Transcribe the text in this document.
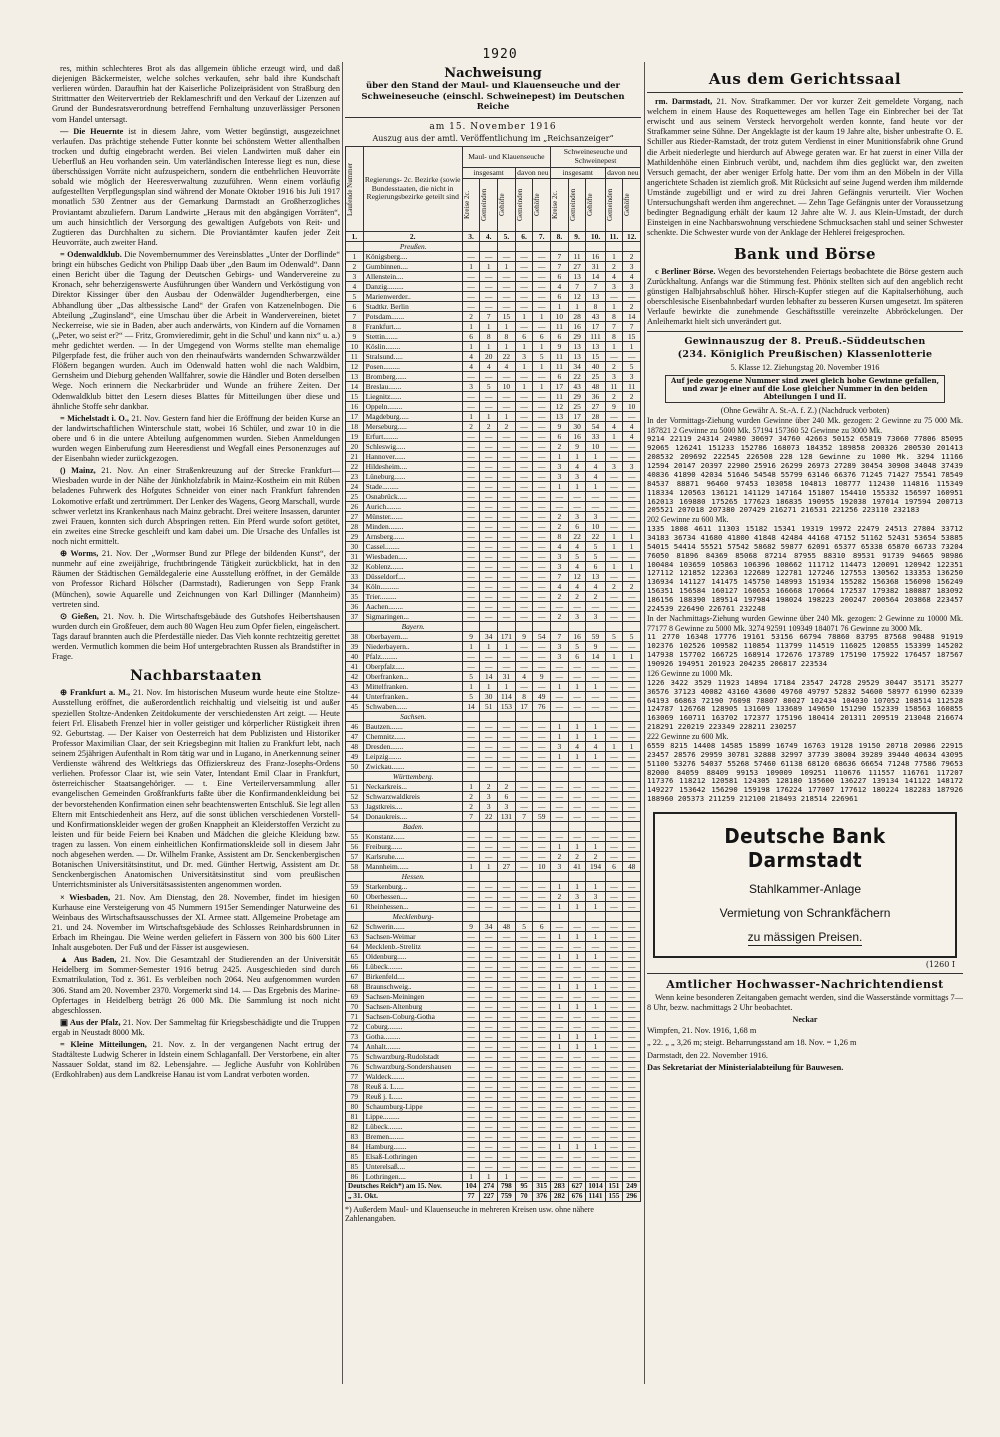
1920

res, mithin schlechteres Brot als das allgemein übliche erzeugt wird, und daß diejenigen Bäckermeister, welche solches verkaufen, sehr bald ihre Kundschaft verlieren würden. Daraufhin hat der Kaiserliche Polizeipräsident von Straßburg den Strittmatter den Weitervertrieb der Reklameschrift und den Verkauf der Lizenzen auf Grund der Bundesratsverordnung betreffend Fernhaltung unzuverlässiger Personen vom Handel untersagt.

— Die Heuernte ist in diesem Jahre, vom Wetter begünstigt, ausgezeichnet verlaufen. Das prächtige stehende Futter konnte bei schönstem Wetter allenthalben trocken und duftig eingebracht werden. Bei vielen Landwirten muß daher ein Ueberfluß an Heu vorhanden sein. Um vaterländischen Interesse liegt es nun, diese überschüssigen Vorräte nicht aufzuspeichern, sondern die entbehrlichen Heuvorräte sobald wie möglich der Heeresverwaltung zuzuführen. Wenn einem vorläufig aufgestellten Verpflegungsplan sind während der Monate Oktober 1916 bis Juli 1917 monatlich 530 Zentner aus der Gemarkung Darmstadt an Großherzogliches Proviantamt abzuliefern. Darum Landwirte „Heraus mit den abgängigen Vorräten“, um auch hinsichtlich der Versorgung des gewaltigen Aufgebots von Reit- und Zugtieren das Durchhalten zu sichern. Die Proviantämter kaufen jeder Zeit Heuvorräte, auch zweiter Hand.

= Odenwaldklub. Die Novembernummer des Vereinsblattes „Unter der Dorflinde“ bringt ein hübsches Gedicht von Philipp Daab über „den Baum im Odenwald“. Dann einen Bericht über die Tagung der Deutschen Gebirgs- und Wandervereine zu Kronach, sehr beherzigenswerte Ausführungen über Wandern und Verköstigung von Direktor Kissinger über den Ausbau der Odenwälder Jugendherbergen, eine Abhandlung über „Das altbessische Land“ der Grafen von Katzenelnbogen. Die Abteilung „Zuginsland“, eine Umschau über die Arbeit in Wandervereinen, bietet Neckerreise, wie sie in Baden, aber auch anderwärts, von Kindern auf die Vornamen („Peter, wo seist er?“ — Fritz, Gromvieredimir, geht in die Schul' und kann nix“ u. a.) mehr gedichtet werden. — In der Umgegend von Worms stellte man ehemalige Pilgerpfade fest, die früher auch von den rheinaufwärts wandernden Schwarzwälder Flößern begangen wurden. Auch im Odenwald hatten wohl die nach Waldbirn, Gernsheim und Dieburg gehenden Wallfahrer, sowie die Händler und Boten derselben Wege. Noch erinnern die Neckarbrüder und Wunde an frühere Zeiten. Der Odenwaldklub bittet den Lesern dieses Blattes für Mitteilungen über diese und ähnliche Stoffe sehr dankbar.

= Michelstadt i. O., 21. Nov. Gestern fand hier die Eröffnung der beiden Kurse an der landwirtschaftlichen Winterschule statt, wobei 16 Schüler, und zwar 10 in die obere und 6 in die untere Abteilung aufgenommen wurden. Sieben Anmeldungen wurden wegen Einberufung zum Heeresdienst und Wegfall eines Personenzuges auf der Eisenbahn wieder zurückgezogen.

() Mainz, 21. Nov. An einer Straßenkreuzung auf der Strecke Frankfurt—Wiesbaden wurde in der Nähe der Jünkholzfabrik in Mainz-Kostheim ein mit Rüben beladenes Fuhrwerk des Hofgutes Schneider von einer nach Frankfurt fahrenden Lokomotive erfaßt und zertrümmert. Der Lenker des Wagens, Georg Marschall, wurde schwer verletzt ins Krankenhaus nach Mainz gebracht. Drei weitere Insassen, darunter zwei Frauen, konnten sich durch Abspringen retten. Ein Pferd wurde sofort getötet, ein zweites eine Strecke geschleift und kam dabei um. Die Ursache des Unfalles ist noch nicht ermittelt.

⊕ Worms, 21. Nov. Der „Wormser Bund zur Pflege der bildenden Kunst“, der nunmehr auf eine zweijährige, fruchtbringende Tätigkeit zurückblickt, hat in den Räumen der Städtischen Gemäldegalerie eine Ausstellung eröffnet, in der Gemälde von Professor Richard Hölscher (Darmstadt), Radierungen von Sepp Frank (München), sowie Aquarelle und Zeichnungen von Karl Dillinger (Mannheim) vertreten sind.

⊙ Gießen, 21. Nov. h. Die Wirtschaftsgebäude des Gutshofes Heibertshausen wurden durch ein Großfeuer, dem auch 80 Wagen Heu zum Opfer fielen, eingeäschert. Tags darauf brannten auch die Pferdeställe nieder. Das Vieh konnte rechtzeitig gerettet werden. Vermutlich kommen die beim Hof untergebrachten Russen als Brandstifter in Frage.

Nachbarstaaten

⊕ Frankfurt a. M., 21. Nov. Im historischen Museum wurde heute eine Stoltze-Ausstellung eröffnet, die außerordentlich reichhaltig und vielseitig ist und außer speziellen Stoltze-Andenken Zeitdokumente der verschiedensten Art zeigt. — Heute feiert Frl. Elisabeth Frenzel hier in voller geistiger und körperlicher Rüstigkeit ihren 92. Geburtstag. — Der Kaiser von Oesterreich hat dem Publizisten und Historiker Professor Maximilian Claar, der seit Kriegsbeginn mit Italien zu Frankfurt lebt, nach seinem 25jährigen Aufenthalt in Rom tätig war und in Lugano, in Anerkennung seiner Verdienste während des Weltkriegs das Offizierskreuz des Franz-Josephs-Ordens verliehen. Professor Claar ist, wie sein Vater, Intendant Emil Claar in Frankfurt, österreichischer Staatsangehöriger. — t. Eine Verteilerversammlung aller evangelischen Gemeinden Großfrankfurts faßte über die Konfirmandenkleidung bei der bevorstehenden Konfirmation einen sehr beachtenswerten Entschluß. Sie legt allen Eltern mit Entschiedenheit ans Herz, auf die sonst üblichen verschiedenen Vorstell- und Konfirmationskleider wegen der großen Knappheit an Kleiderstoffen Verzicht zu leisten und für beide Feiern bei Knaben und Mädchen die gleiche Kleidung bzw. tragen zu lassen. Von einem einheitlichen Konfirmationskleide soll in diesem Jahr noch abgesehen werden. — Dr. Wilhelm Franke, Assistent am Dr. Senckenbergischen Botanischen Universitätsinstitut, und Dr. med. Günther Hertwig, Assistent am Dr. Senckenbergischen Anatomischen Universitätsinstitut sind vom preußischen Unterrichtsminister als Universitätsassistenten angenommen worden.

× Wiesbaden, 21. Nov. Am Dienstag, den 28. November, findet im hiesigen Kurhause eine Versteigerung von 45 Nummern 1915er Semendinger Naturweine des Weinbaus des Wirtschaftsausschusses der XI. Armee statt. Allgemeine Probetage am 21. und 24. November im Wirtschaftsgebäude des Schlosses Reinhardsbrunnen in Erbach im Rheingau. Die Weine werden geliefert in Fässern von 300 bis 600 Liter Inhalt ausgeboten. Der Fuß und der Fässer ist ausgewiesen.

▲ Aus Baden, 21. Nov. Die Gesamtzahl der Studierenden an der Universität Heidelberg im Sommer-Semester 1916 betrug 2425. Ausgeschieden sind durch Exmatrikulation, Tod z. 361. Es verbleiben noch 2064. Neu aufgenommen wurden 306. Stand am 20. November 2370. Vorgemerkt sind 14. — Das Ergebnis des Marine-Opfertages in Heidelberg beträgt 26 000 Mk. Die Sammlung ist noch nicht abgeschlossen.

▣ Aus der Pfalz, 21. Nov. Der Sammeltag für Kriegsbeschädigte und die Truppen ergab in Neustadt 8000 Mk.

= Kleine Mitteilungen, 21. Nov. z. In der vergangenen Nacht ertrug der Stadtälteste Ludwig Scherer in Idstein einem Schlaganfall. Der Verstorbene, ein alter Nassauer Soldat, stand im 82. Lebensjahre. — Jegliche Ausfuhr von Kohlrüben (Erdkohlraben) aus dem Landkreise Hanau ist vom Landrat verboten worden.

Nachweisung
über den Stand der Maul- und Klauenseuche und der Schweineseuche (einschl. Schweinepest) im Deutschen Reiche
am 15. November 1916
Auszug aus der amtl. Veröffentlichung im „Reichsanzeiger“
Laufende Nummer	Regierungs- 2c. Bezirke (sowie Bundesstaaten, die nicht in Regierungsbezirke geteilt sind	Maul- und Klauenseuche					Schweineseuche und Schweinepest				
		insgesamt			davon neu		insgesamt			davon neu	

		Kreise 2c.	Gemeinden	Gehöfte	Gemeinden	Gehöfte	Kreise 2c.	Gemeinden	Gehöfte	Gemeinden	Gehöfte

1.	2.	3.	4.	5.	6.	7.	8.	9.	10.	11.	12.
	Preußen.										
1	Königsberg....	—	—	—	—	—	7	11	16	1	2
2	Gumbinnen....	1	1	1	—	—	7	27	31	2	3
3	Allenstein....	—	—	—	—	—	6	13	14	4	4
4	Danzig.........	—	—	—	—	—	4	7	7	3	3
5	Marienwerder..	—	—	—	—	—	6	12	13	—	—
6	Stadtkr. Berlin	—	—	—	—	—	1	1	8	1	2
7	Potsdam.......	2	7	15	1	1	10	28	43	8	14
8	Frankfurt....	1	1	1	—	—	11	16	17	7	7
9	Stettin.......	6	8	8	6	6	6	29	111	8	15
10	Köslin........	1	1	1	1	1	9	13	13	1	1
11	Stralsund.....	4	20	22	3	5	11	13	15	—	—
12	Posen.........	4	4	4	1	1	11	34	40	2	5
13	Bromberg......	—	—	—	—	—	6	22	25	3	3
14	Breslau.......	3	5	10	1	1	17	43	48	11	11
15	Liegnitz......	—	—	—	—	—	11	29	36	2	2
16	Oppeln........	—	—	—	—	—	12	25	27	9	10
17	Magdeburg.....	1	1	1	—	—	13	17	28	—	—
18	Merseburg.....	2	2	2	—	—	9	30	54	4	4
19	Erfurt........	—	—	—	—	—	6	16	33	1	4
20	Schleswig.....	—	—	—	—	—	2	9	10	—	—
21	Hannover......	—	—	—	—	—	1	1	1	—	—
22	Hildesheim....	—	—	—	—	—	3	4	4	3	3
23	Lüneburg......	—	—	—	—	—	3	3	4	—	—
24	Stade.........	—	—	—	—	—	1	1	1	—	—
25	Osnabrück.....	—	—	—	—	—	—	—	—	—	—
26	Aurich........	—	—	—	—	—	—	—	—	—	—
27	Münster.......	—	—	—	—	—	2	3	3	—	—
28	Minden........	—	—	—	—	—	2	6	10	—	—
29	Arnsberg......	—	—	—	—	—	8	22	22	1	1
30	Cassel........	—	—	—	—	—	4	4	5	1	1
31	Wiesbaden.....	—	—	—	—	—	3	5	5	—	—
32	Koblenz.......	—	—	—	—	—	3	4	6	1	1
33	Düsseldorf....	—	—	—	—	—	7	12	13	—	—
34	Köln..........	—	—	—	—	—	4	4	4	2	2
35	Trier.........	—	—	—	—	—	2	2	2	—	—
36	Aachen........	—	—	—	—	—	—	—	—	—	—
37	Sigmaringen...	—	—	—	—	—	2	3	3	—	—
	Bayern.										
38	Oberbayern....	9	34	171	9	54	7	16	59	5	5
39	Niederbayern..	1	1	1	—	—	3	5	9	—	—
40	Pfalz.........	—	—	—	—	—	3	6	14	1	1
41	Oberpfalz.....	—	—	—	—	—	—	—	—	—	—
42	Oberfranken...	5	14	31	4	9	—	—	—	—	—
43	Mittelfranken.	1	1	1	—	—	1	1	1	—	—
44	Unterfranken..	5	30	114	8	49	—	—	—	—	—
45	Schwaben......	14	51	153	17	76	—	—	—	—	—
	Sachsen.										
46	Bautzen.......	—	—	—	—	—	1	1	1	—	—
47	Chemnitz......	—	—	—	—	—	1	1	1	—	—
48	Dresden.......	—	—	—	—	—	3	4	4	1	1
49	Leipzig.......	—	—	—	—	—	1	1	1	—	—
50	Zwickau.......	—	—	—	—	—	—	—	—	—	—
	Württemberg.										
51	Neckarkreis...	1	2	2	—	—	—	—	—	—	—
52	Schwarzwaldkreis	2	3	6	—	—	—	—	—	—	—
53	Jagstkreis....	2	3	3	—	—	—	—	—	—	—
54	Donaukreis....	7	22	131	7	59	—	—	—	—	—
	Baden.										
55	Konstanz......	—	—	—	—	—	—	—	—	—	—
56	Freiburg......	—	—	—	—	—	1	1	1	—	—
57	Karlsruhe.....	—	—	—	—	—	2	2	2	—	—
58	Mannheim......	1	1	27	—	10	3	41	194	6	48
	Hessen.										
59	Starkenburg...	—	—	—	—	—	1	1	1	—	—
60	Oberhessen....	—	—	—	—	—	2	3	3	—	—
61	Rheinhessen...	—	—	—	—	—	1	1	1	—	—
	Mecklenburg-										
62	Schwerin......	9	34	48	5	6	—	—	—	—	—
63	Sachsen-Weimar	—	—	—	—	—	1	1	1	—	—
64	Mecklenb.-Strelitz	—	—	—	—	—	—	—	—	—	—
65	Oldenburg.....	—	—	—	—	—	1	1	1	—	—
66	Lübeck........	—	—	—	—	—	—	—	—	—	—
67	Birkenfeld....	—	—	—	—	—	—	—	—	—	—
68	Braunschweig..	—	—	—	—	—	1	1	1	—	—
69	Sachsen-Meiningen	—	—	—	—	—	—	—	—	—	—
70	Sachsen-Altenburg	—	—	—	—	—	1	1	1	—	—
71	Sachsen-Coburg-Gotha	—	—	—	—	—	—	—	—	—	—
72	Coburg........	—	—	—	—	—	—	—	—	—	—
73	Gotha.........	—	—	—	—	—	1	1	1	—	—
74	Anhalt........	—	—	—	—	—	1	1	1	—	—
75	Schwarzburg-Rudolstadt	—	—	—	—	—	—	—	—	—	—
76	Schwarzburg-Sondershausen	—	—	—	—	—	—	—	—	—	—
77	Waldeck.......	—	—	—	—	—	—	—	—	—	—
78	Reuß ä. L.....	—	—	—	—	—	—	—	—	—	—
79	Reuß j. L.....	—	—	—	—	—	—	—	—	—	—
80	Schaumburg-Lippe	—	—	—	—	—	—	—	—	—	—
81	Lippe.........	—	—	—	—	—	—	—	—	—	—
82	Lübeck........	—	—	—	—	—	—	—	—	—	—
83	Bremen........	—	—	—	—	—	—	—	—	—	—
84	Hamburg.......	—	—	—	—	—	1	1	1	—	—
85	Elsaß-Lothringen	—	—	—	—	—	—	—	—	—	—
85	Unterelsaß....	—	—	—	—	—	—	—	—	—	—
86	Lothringen....	1	1	1	—	—	—	—	—	—	—
Deutsches Reich*) am 15. Nov.		104	274	798	95	315	283	627	1014	151	249
„ 31. Okt.		77	227	759	70	376	282	676	1141	155	296
*) Außerdem Maul- und Klauenseuche in mehreren Kreisen usw. ohne nähere Zahlenangaben.
Aus dem Gerichtssaal

rm. Darmstadt, 21. Nov. Strafkammer. Der vor kurzer Zeit gemeldete Vorgang, nach welchem in einem Hause des Roquetteweges am hellen Tage ein Einbrecher bei der Tat erwischt und aus seinem Versteck hervorgeholt werden konnte, fand heute vor der Strafkammer seine Sühne. Der Angeklagte ist der kaum 19 Jahre alte, bisher unbestrafte O. E. Schiller aus Rieder-Ramstadt, der trotz gutem Verdienst in einer Munitionsfabrik ohne Grund die Arbeit niederlegte und hierdurch auf Abwege geraten war. Er hat zuerst in einer Villa der Mathildenhöhe einen Einbruch verübt, und, nachdem ihm dies geglückt war, den zweiten Versuch gemacht, der aber weniger Erfolg hatte. Der vom ihm an den Möbeln in der Villa angerichtete Schaden ist ziemlich groß. Mit Rücksicht auf seine Jugend werden ihm mildernde Umstände zugebilligt und er wird zu drei Jahren Gefängnis verurteilt. Vier Wochen Untersuchungshaft werden ihm angerechnet. — Zehn Tage Gefängnis unter der Voraussetzung bedingter Begnadigung erhält der kaum 12 Jahre alte W. J. aus Klein-Umstadt, der durch Einsteigen in eine Nachbarswohnung verschiedene Schmucksachen stahl und seiner Schwester schenkte. Die Schwester wurde von der Anklage der Hehlerei freigesprochen.

Bank und Börse

c Berliner Börse. Wegen des bevorstehenden Feiertags beobachtete die Börse gestern auch Zurückhaltung. Anfangs war die Stimmung fest. Phönix stellten sich auf den angeblich recht günstigen Halbjahrsabschluß höher. Hirsch-Kupfer stiegen auf die Kapitalserhöhung, auch oberschlesische Eisenbahnbedarf wurden lebhafter zu besseren Kursen umgesetzt. Im späteren Verlaufe bewirkte die zunehmende Geschäftsstille vereinzelte Abbröckelungen. Der Anleihemarkt hielt sich unverändert gut.

Gewinnauszug der 8. Preuß.-Süddeutschen
(234. Königlich Preußischen) Klassenlotterie
5. Klasse 12. Ziehungstag 20. November 1916
Auf jede gezogene Nummer sind zwei gleich hohe Gewinne gefallen, und zwar je einer auf die Lose gleicher Nummer in den beiden Abteilungen I und II.
(Ohne Gewähr A. St.-A. f. Z.) (Nachdruck verboten)
In der Vormittags-Ziehung wurden Gewinne über 240 Mk. gezogen: 2 Gewinne zu 75 000 Mk. 187821 2 Gewinne zu 5000 Mk. 57194 157360 52 Gewinne zu 3000 Mk.
9214 22119 24314 24980 30697 34760 42663 50152 65819 73060 77806 85095 92065 126241 151233 152786 168073 184352 189858 200326 200530 201413 208532 209692 222545 226508 228 128 Gewinne zu 1000 Mk. 3294 11166 12594 20147 20397 22900 25916 26299 26973 27289 30454 30908 34048 37439 40836 41890 42034 51646 54548 55799 63146 66376 71245 71427 75541 78549 84537 88871 96460 97453 103058 104813 108777 112430 114816 115349 118334 120563 136121 141129 147164 151807 154410 155332 156597 160951 162013 169880 175265 177623 186835 190955 192038 197014 197594 200713 205521 207018 207380 207429 216271 216531 221256 223110 232183
202 Gewinne zu 600 Mk.
1335 1808 4611 11303 15182 15341 19319 19972 22479 24513 27804 33712 34183 36734 41680 41800 41848 42484 44168 47152 51162 52431 53654 53885 54015 54414 55521 57542 58682 59877 62091 65377 65338 65870 66733 73204 76050 81896 84369 85068 87214 87955 88310 89531 91739 94665 98986 100484 103659 105863 106396 108662 111712 114473 120091 120942 122351 127112 121852 122363 122689 122781 127246 127553 130562 133353 136250 136934 141127 141475 145750 148993 151934 155282 156368 156090 156249 156351 156584 160127 160653 166668 170664 172537 179382 180887 183092 186156 188390 189514 197984 198024 198223 200247 200564 203868 223457 224539 226490 226761 232248
In der Nachmittags-Ziehung wurden Gewinne über 240 Mk. gezogen: 2 Gewinne zu 10000 Mk. 77177 8 Gewinne zu 5000 Mk. 3274 92591 109349 184071 76 Gewinne zu 3000 Mk.
11 2770 16348 17776 19161 53156 66794 78860 83795 87568 90488 91919 102376 102526 109582 110854 113799 114519 116025 120855 153399 145202 147938 157702 166725 168914 172676 173789 175190 175922 176457 187567 190926 194951 201923 204235 206817 223534
126 Gewinne zu 1000 Mk.
1226 3422 3529 11923 14894 17184 23547 24728 29529 30447 35171 35277 36576 37123 40082 43160 43600 49760 49797 52832 54600 58977 61990 62339 64193 66863 72190 76098 78807 80027 102434 104030 107052 108514 112528 124787 126768 128905 131609 133689 149650 151290 152339 158563 160855 163069 160711 163702 172377 175196 180414 201311 209519 213048 216674 218291 220219 223349 228211 230257
222 Gewinne zu 600 Mk.
6559 8215 14408 14585 15899 16749 16763 19128 19150 20718 20986 22915 23457 28576 29959 30781 32888 32997 37739 38004 39289 39440 40634 43095 51100 53276 54037 55268 57460 61138 68120 68636 66654 71248 77586 79653 82000 84059 88409 99153 109009 109251 110676 111557 116761 117207 117376 118212 120581 124305 128180 135600 136227 139134 141122 148172 149227 153642 156290 159198 176224 177007 177612 180224 182283 187926 188960 205373 211259 212100 218493 218514 226961
Deutsche Bank Darmstadt
Stahlkammer-Anlage
Vermietung von Schrankfächern
zu mässigen Preisen.
(1260 I
Amtlicher Hochwasser-Nachrichtendienst

Wenn keine besonderen Zeitangaben gemacht werden, sind die Wasserstände vormittags 7—8 Uhr, bezw. nachmittags 2 Uhr beobachtet.

Neckar

Wimpfen, 21. Nov. 1916, 1,68 m

„ 22. „ „ 3,26 m; steigt. Beharrungsstand am 18. Nov. = 1,26 m

Darmstadt, den 22. November 1916.

Das Sekretariat der Ministerialabteilung für Bauwesen.
